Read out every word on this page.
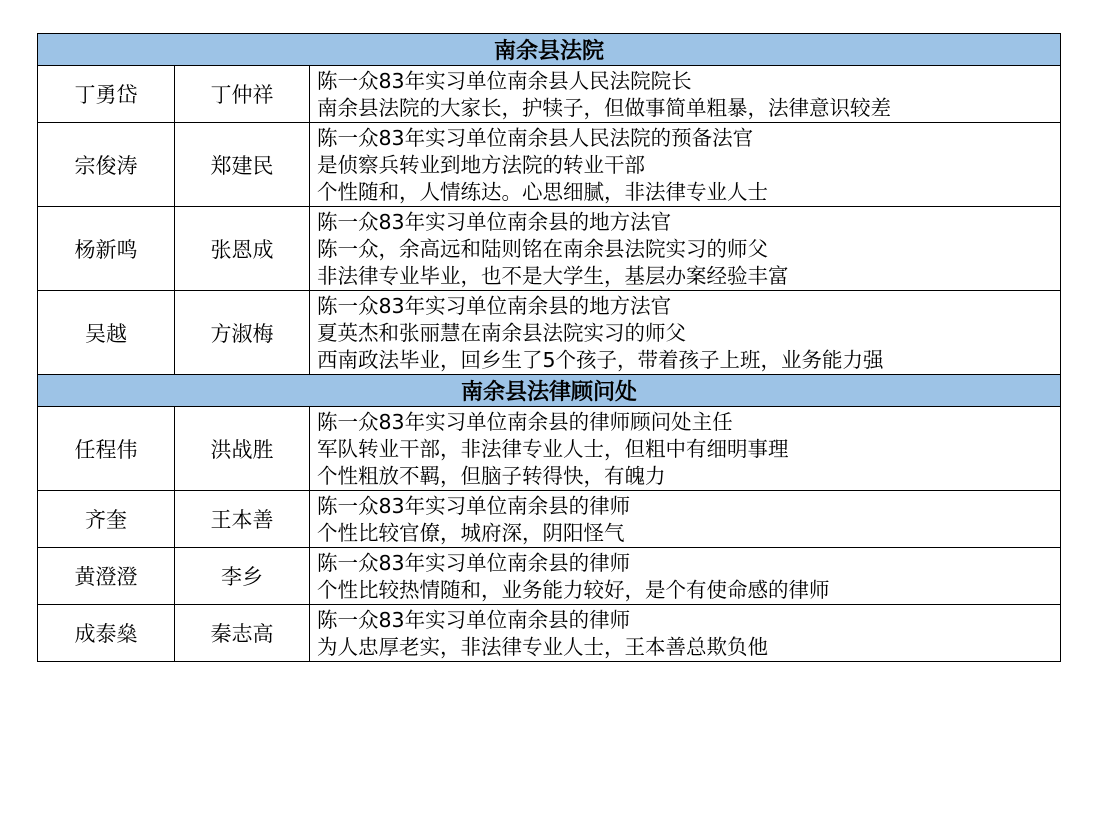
南余县法院		
丁勇岱	丁仲祥	陈一众83年实习单位南余县人民法院院长
南余县法院的大家长，护犊子，但做事简单粗暴，法律意识较差

宗俊涛	郑建民	陈一众83年实习单位南余县人民法院的预备法官
是侦察兵转业到地方法院的转业干部
个性随和，人情练达。心思细腻，非法律专业人士

杨新鸣	张恩成	陈一众83年实习单位南余县的地方法官
陈一众，余高远和陆则铭在南余县法院实习的师父
非法律专业毕业，也不是大学生，基层办案经验丰富

吴越	方淑梅	陈一众83年实习单位南余县的地方法官
夏英杰和张丽慧在南余县法院实习的师父
西南政法毕业，回乡生了5个孩子，带着孩子上班，业务能力强

南余县法律顾问处		
任程伟	洪战胜	陈一众83年实习单位南余县的律师顾问处主任
军队转业干部，非法律专业人士，但粗中有细明事理
个性粗放不羁，但脑子转得快，有魄力

齐奎	王本善	陈一众83年实习单位南余县的律师
个性比较官僚，城府深，阴阳怪气

黄澄澄	李乡	陈一众83年实习单位南余县的律师
个性比较热情随和，业务能力较好，是个有使命感的律师

成泰燊	秦志高	陈一众83年实习单位南余县的律师
为人忠厚老实，非法律专业人士，王本善总欺负他
